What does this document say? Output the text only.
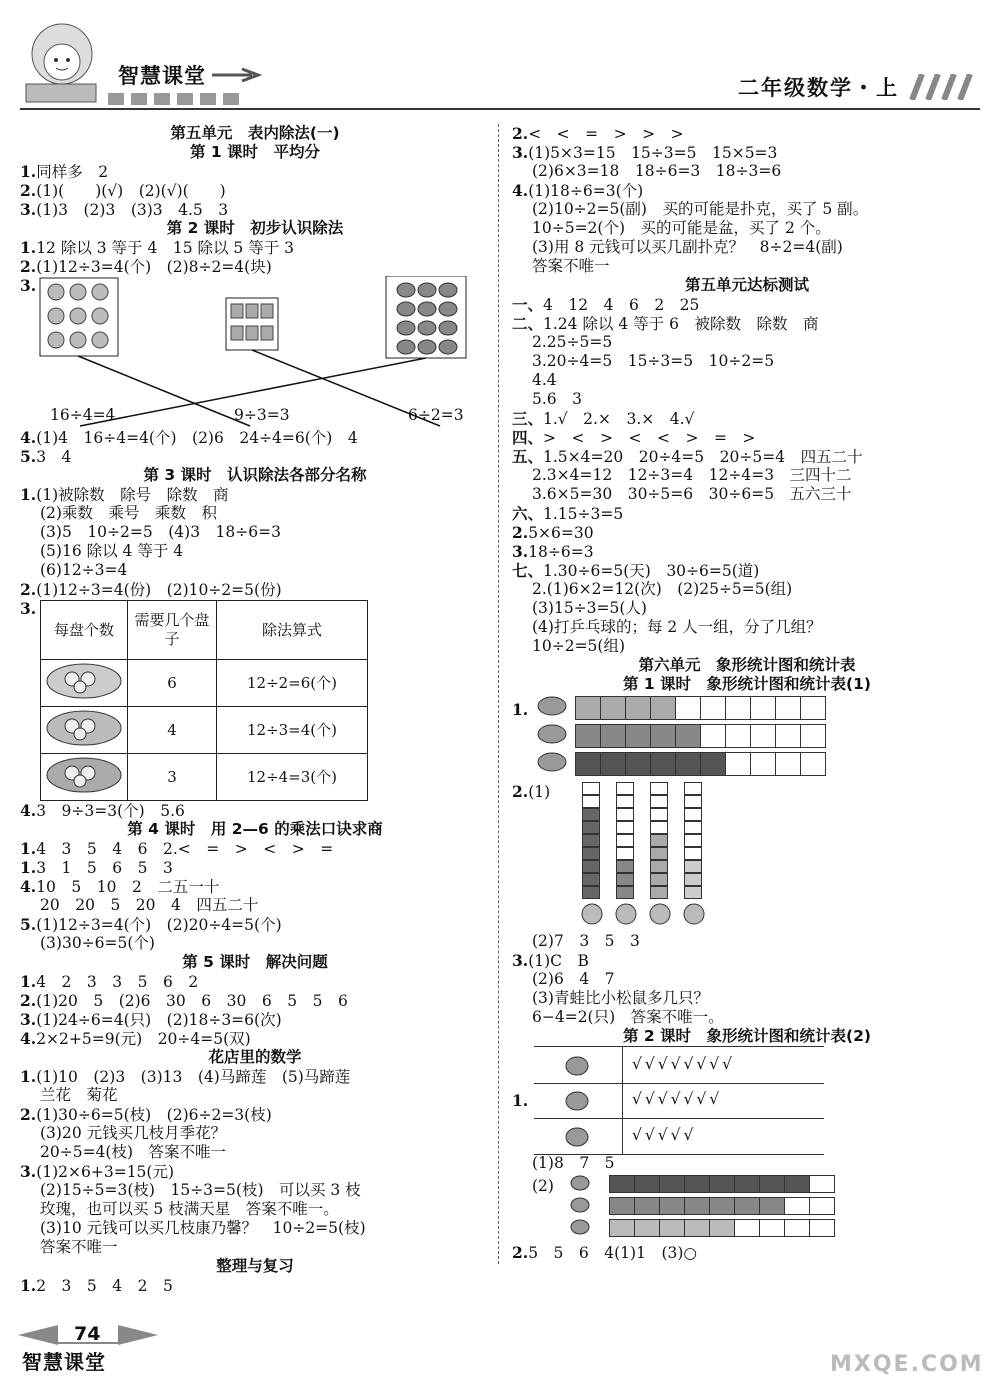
智慧课堂	二年级数学・上
第五单元　表内除法(一)
第 1 课时　平均分
1.同样多　2
2.(1)(　　)(√)　(2)(√)(　　)
3.(1)3　(2)3　(3)3　4.5　3
第 2 课时　初步认识除法
1.12 除以 3 等于 4　15 除以 5 等于 3
2.(1)12÷3=4(个)　(2)8÷2=4(块)
3.
16÷4=4	9÷3=3	6÷2=3
4.(1)4　16÷4=4(个)　(2)6　24÷4=6(个)　4
5.3　4
第 3 课时　认识除法各部分名称
1.(1)被除数　除号　除数　商
(2)乘数　乘号　乘数　积
(3)5　10÷2=5　(4)3　18÷6=3
(5)16 除以 4 等于 4
(6)12÷3=4
2.(1)12÷3=4(份)　(2)10÷2=5(份)
3.
每盘个数	需要几个盘子	除法算式
	6	12÷2=6(个)
	4	12÷3=4(个)
	3	12÷4=3(个)
4.3　9÷3=3(个)　5.6
第 4 课时　用 2—6 的乘法口诀求商
1.4　3　5　4　6　2.<　=　>　<　>　=
1.3　1　5　6　5　3
4.10　5　10　2　二五一十
20　20　5　20　4　四五二十
5.(1)12÷3=4(个)　(2)20÷4=5(个)
(3)30÷6=5(个)
第 5 课时　解决问题
1.4　2　3　3　5　6　2
2.(1)20　5　(2)6　30　6　30　6　5　5　6
3.(1)24÷6=4(只)　(2)18÷3=6(次)
4.2×2+5=9(元)　20÷4=5(双)
花店里的数学
1.(1)10　(2)3　(3)13　(4)马蹄莲　(5)马蹄莲
兰花　菊花
2.(1)30÷6=5(枝)　(2)6÷2=3(枝)
(3)20 元钱买几枝月季花？
20÷5=4(枝)　答案不唯一
3.(1)2×6+3=15(元)
(2)15÷5=3(枝)　15÷3=5(枝)　可以买 3 枝
玫瑰，也可以买 5 枝满天星　答案不唯一。
(3)10 元钱可以买几枝康乃馨？　10÷2=5(枝)
答案不唯一
整理与复习
1.2　3　5　4　2　5
2.<　<　=　>　>　>
3.(1)5×3=15　15÷3=5　15×5=3
(2)6×3=18　18÷6=3　18÷3=6
4.(1)18÷6=3(个)
(2)10÷2=5(副)　买的可能是扑克，买了 5 副。
10÷5=2(个)　买的可能是盆，买了 2 个。
(3)用 8 元钱可以买几副扑克？　8÷2=4(副)
答案不唯一
第五单元达标测试
一、4　12　4　6　2　25
二、1.24 除以 4 等于 6　被除数　除数　商
2.25÷5=5
3.20÷4=5　15÷3=5　10÷2=5
4.4
5.6　3
三、1.√　2.×　3.×　4.√
四、>　<　>　<　<　>　=　>
五、1.5×4=20　20÷4=5　20÷5=4　四五二十
2.3×4=12　12÷3=4　12÷4=3　三四十二
3.6×5=30　30÷5=6　30÷6=5　五六三十
六、1.15÷3=5
2.5×6=30
3.18÷6=3
七、1.30÷6=5(天)　30÷6=5(道)
2.(1)6×2=12(次)　(2)25÷5=5(组)
(3)15÷3=5(人)
(4)打乒乓球的；每 2 人一组，分了几组？
10÷2=5(组)
第六单元　象形统计图和统计表
第 1 课时　象形统计图和统计表(1)
1.
2.(1)
(2)7　3　5　3
3.(1)C　B
(2)6　4　7
(3)青蛙比小松鼠多几只？
6−4=2(只)　答案不唯一。
第 2 课时　象形统计图和统计表(2)
1.
√√√√√√√√
√√√√√√√
√√√√√
(1)8　7　5
(2)
2.5　5　6　4(1)1　(3)○
74
智慧课堂	MXQE.COM
